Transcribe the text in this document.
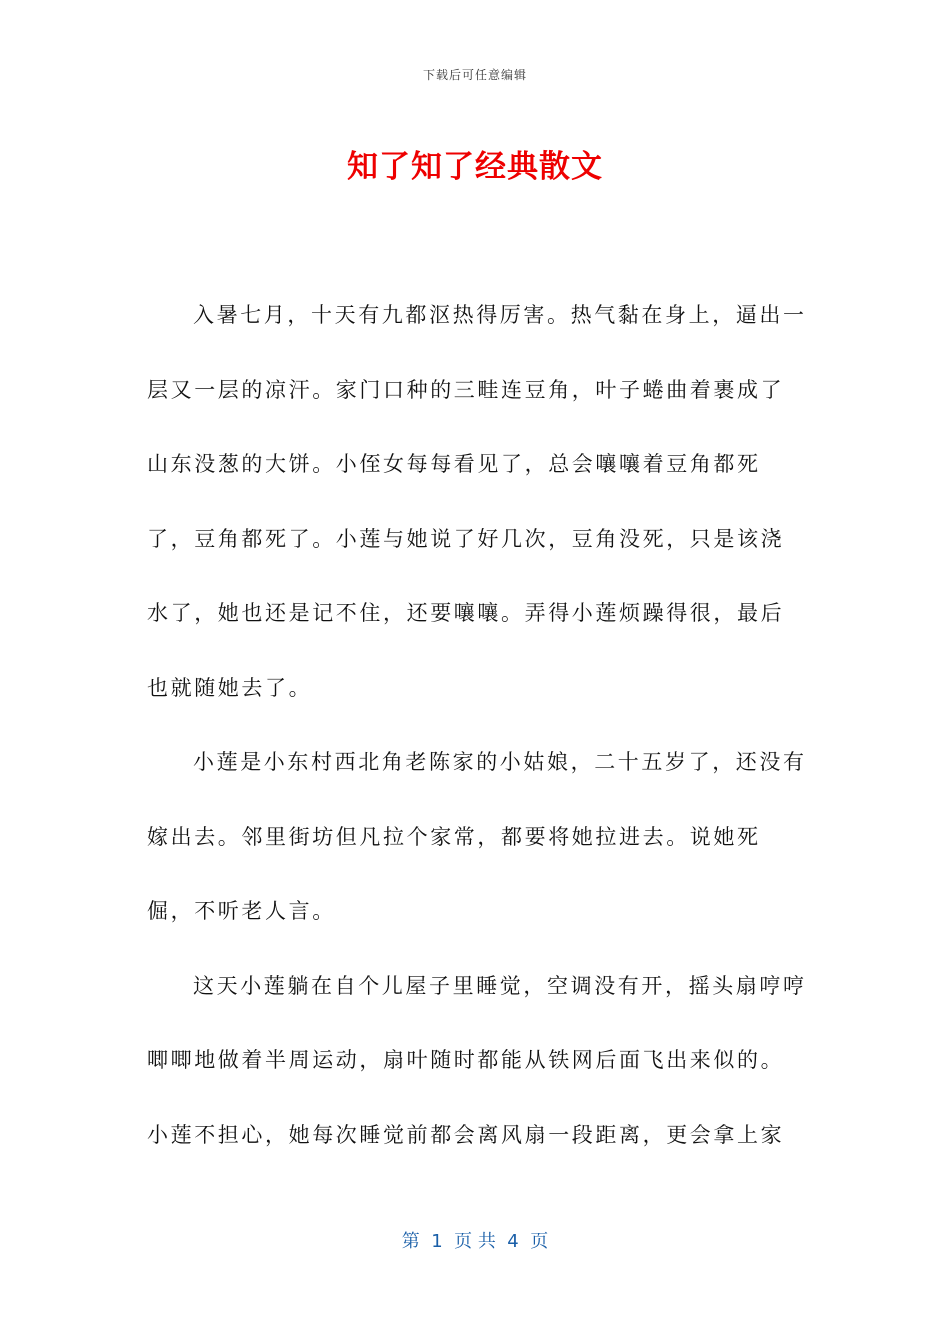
下载后可任意编辑
知了知了经典散文

入暑七月，十天有九都沤热得厉害。热气黏在身上，逼出一层又一层的凉汗。家门口种的三畦连豆角，叶子蜷曲着裹成了山东没葱的大饼。小侄女每每看见了，总会嚷嚷着豆角都死了，豆角都死了。小莲与她说了好几次，豆角没死，只是该浇水了，她也还是记不住，还要嚷嚷。弄得小莲烦躁得很，最后也就随她去了。

小莲是小东村西北角老陈家的小姑娘，二十五岁了，还没有嫁出去。邻里街坊但凡拉个家常，都要将她拉进去。说她死倔，不听老人言。

这天小莲躺在自个儿屋子里睡觉，空调没有开，摇头扇哼哼唧唧地做着半周运动，扇叶随时都能从铁网后面飞出来似的。小莲不担心，她每次睡觉前都会离风扇一段距离，更会拿上家

第  1  页 共  4  页
